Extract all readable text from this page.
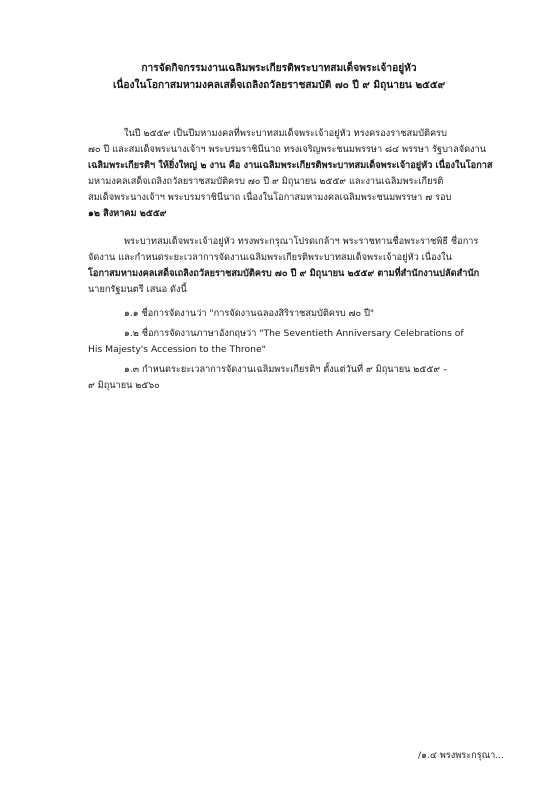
การจัดกิจกรรมงานเฉลิมพระเกียรติพระบาทสมเด็จพระเจ้าอยู่หัว
เนื่องในโอกาสมหามงคลเสด็จเถลิงถวัลยราชสมบัติ ๗๐ ปี ๙ มิถุนายน ๒๕๕๙
ในปี ๒๕๕๙ เป็นปีมหามงคลที่พระบาทสมเด็จพระเจ้าอยู่หัว ทรงครองราชสมบัติครบ
๗๐ ปี และสมเด็จพระนางเจ้าฯ พระบรมราชินีนาถ ทรงเจริญพระชนมพรรษา ๘๔ พรรษา รัฐบาลจัดงาน
เฉลิมพระเกียรติฯ ให้ยิ่งใหญ่ ๒ งาน คือ งานเฉลิมพระเกียรติพระบาทสมเด็จพระเจ้าอยู่หัว เนื่องในโอกาส
มหามงคลเสด็จเถลิงถวัลยราชสมบัติครบ ๗๐ ปี ๙ มิถุนายน ๒๕๕๙ และงานเฉลิมพระเกียรติ
สมเด็จพระนางเจ้าฯ พระบรมราชินีนาถ เนื่องในโอกาสมหามงคลเฉลิมพระชนมพรรษา ๗ รอบ
๑๒ สิงหาคม ๒๕๕๙
พระบาทสมเด็จพระเจ้าอยู่หัว ทรงพระกรุณาโปรดเกล้าฯ พระราชทานชื่อพระราชพิธี ชื่อการ
จัดงาน และกำหนดระยะเวลาการจัดงานเฉลิมพระเกียรติพระบาทสมเด็จพระเจ้าอยู่หัว เนื่องใน
โอกาสมหามงคลเสด็จเถลิงถวัลยราชสมบัติครบ ๗๐ ปี ๙ มิถุนายน ๒๕๕๙ ตามที่สำนักงานปลัดสำนัก
นายกรัฐมนตรี เสนอ ดังนี้
๑.๑ ชื่อการจัดงานว่า "การจัดงานฉลองสิริราชสมบัติครบ ๗๐ ปี"
๑.๒ ชื่อการจัดงานภาษาอังกฤษว่า "The Seventieth Anniversary Celebrations of
His Majesty's Accession to the Throne"
๑.๓ กำหนดระยะเวลาการจัดงานเฉลิมพระเกียรติฯ ตั้งแต่วันที่ ๙ มิถุนายน ๒๕๕๙ –
๙ มิถุนายน ๒๕๖๐
/๑.๔ พรงพระกรุณา...
